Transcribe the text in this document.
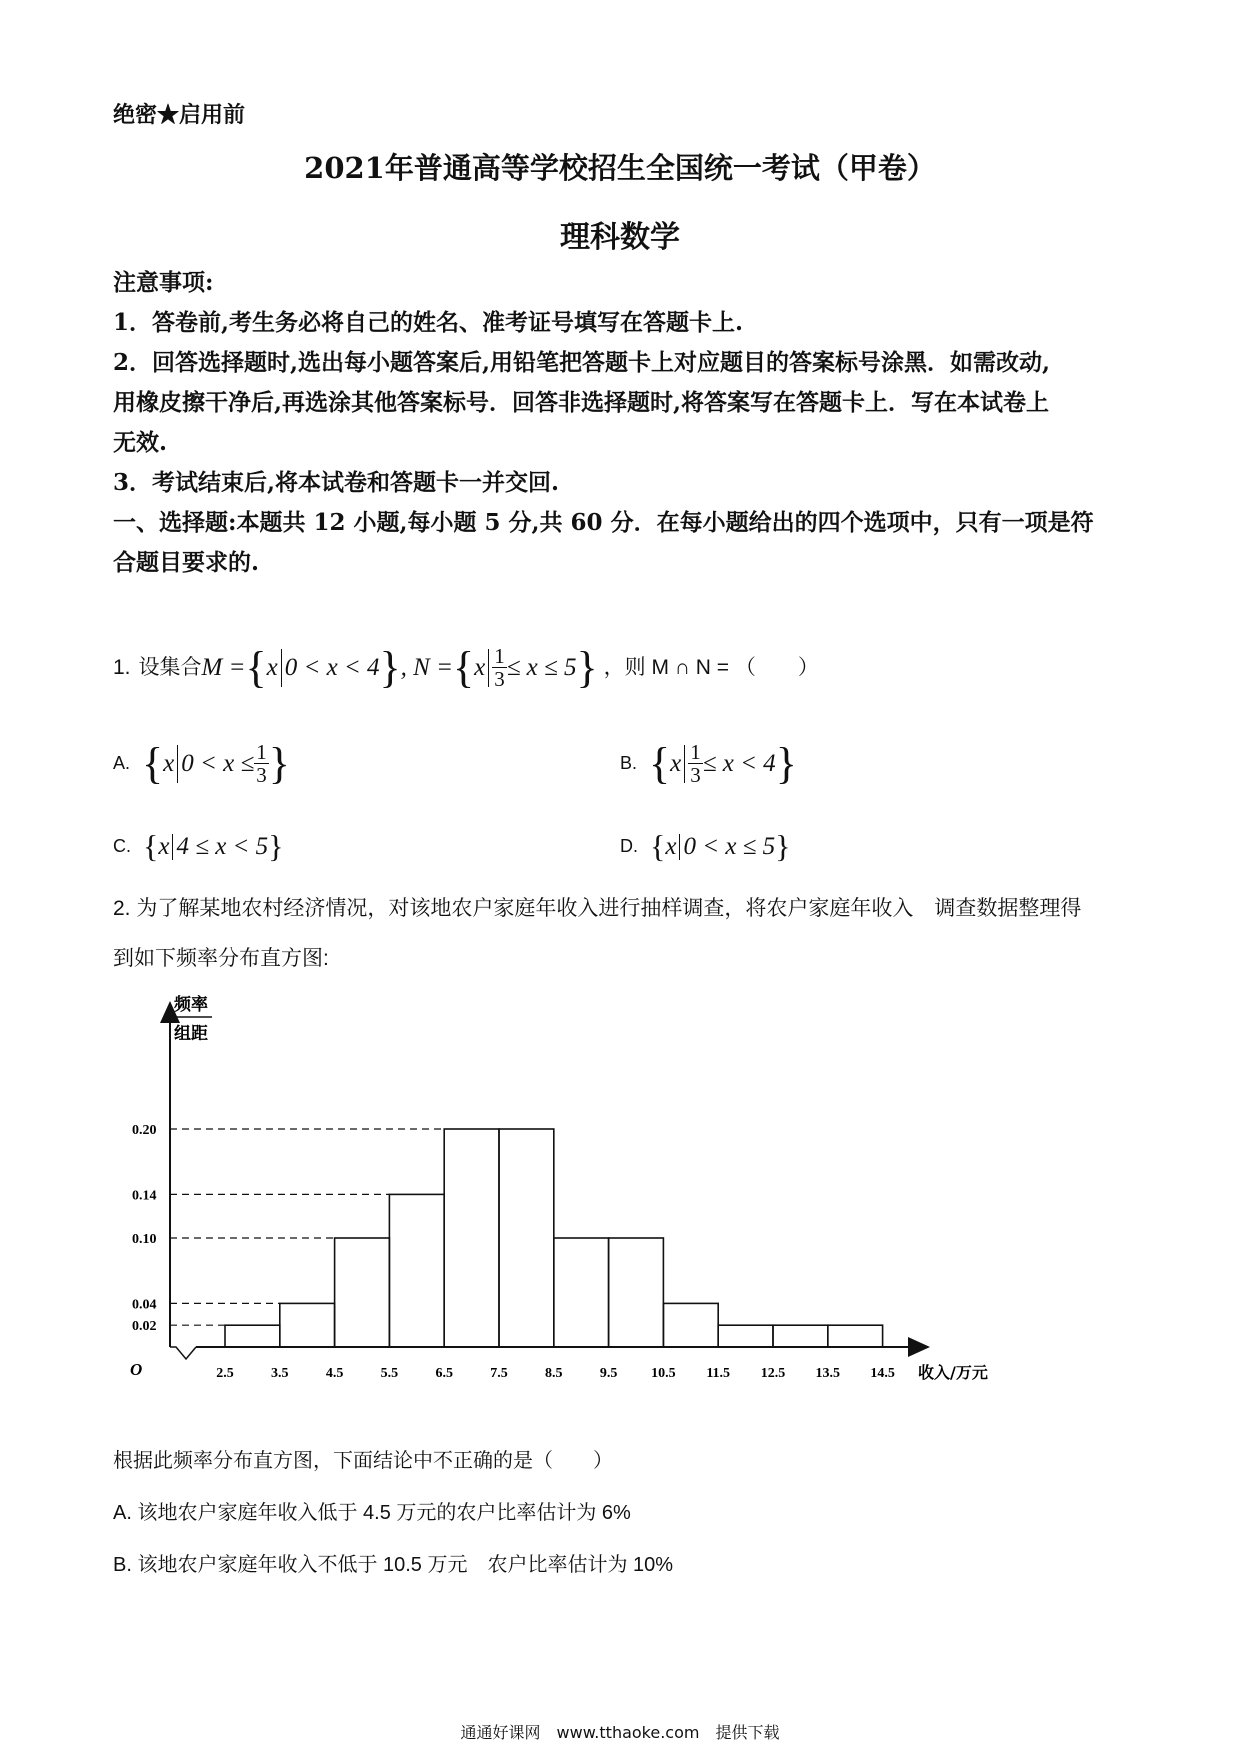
绝密★启用前
2021年普通高等学校招生全国统一考试（甲卷）
理科数学
注意事项:
1．答卷前,考生务必将自己的姓名、准考证号填写在答题卡上.
2．回答选择题时,选出每小题答案后,用铅笔把答题卡上对应题目的答案标号涂黑．如需改动,
用橡皮擦干净后,再选涂其他答案标号．回答非选择题时,将答案写在答题卡上．写在本试卷上
无效.
3．考试结束后,将本试卷和答题卡一并交回.
一、选择题:本题共 12 小题,每小题 5 分,共 60 分．在每小题给出的四个选项中，只有一项是符
合题目要求的.
1. 设集合 M = { x 0 < x < 4 } , N = { x $\frac{1}{3} \le x \le 5$ } ，则 M ∩ N = （　　）
A. { x $0 < x \le \frac{1}{3}$ }	B. { x $\frac{1}{3} \le x < 4$ }
C. { x 4 ≤ x < 5 }	D. { x 0 < x ≤ 5 }
2. 为了解某地农村经济情况，对该地农户家庭年收入进行抽样调查，将农户家庭年收入　调查数据整理得
到如下频率分布直方图:
0.02
0.04
0.10
0.14
0.20
2.5	3.5	4.5	5.5	6.5	7.5	8.5	9.5 10.5 11.5 12.5 13.5 14.5
频率
组距
O	收入/万元
根据此频率分布直方图，下面结论中不正确的是（　　）
A. 该地农户家庭年收入低于 4.5 万元的农户比率估计为 6%
B. 该地农户家庭年收入不低于 10.5 万元　农户比率估计为 10%
通通好课网　www.tthaoke.com　提供下载
